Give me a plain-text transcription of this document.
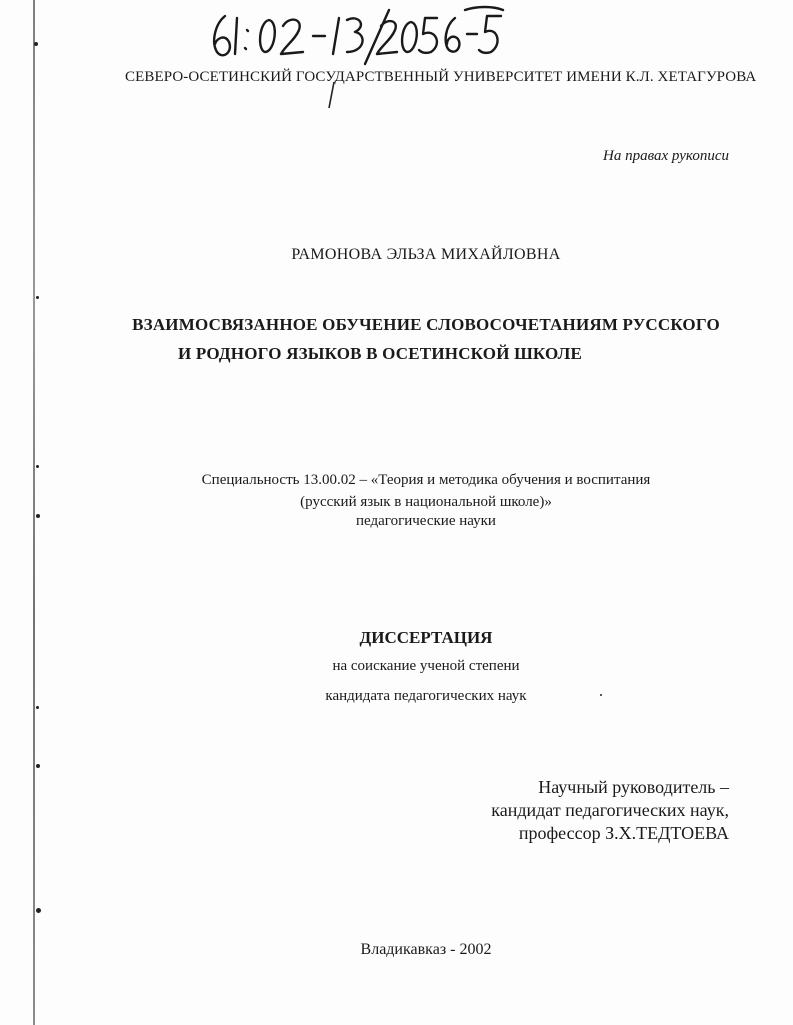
СЕВЕРО-ОСЕТИНСКИЙ ГОСУДАРСТВЕННЫЙ УНИВЕРСИТЕТ ИМЕНИ К.Л. ХЕТАГУРОВА
На правах рукописи
РАМОНОВА ЭЛЬЗА МИХАЙЛОВНА
ВЗАИМОСВЯЗАННОЕ ОБУЧЕНИЕ СЛОВОСОЧЕТАНИЯМ РУССКОГО
И РОДНОГО ЯЗЫКОВ В ОСЕТИНСКОЙ ШКОЛЕ
Специальность 13.00.02 – «Теория и методика обучения и воспитания
(русский язык в национальной школе)»
педагогические науки
ДИССЕРТАЦИЯ
на соискание ученой степени
кандидата педагогических наук
Научный руководитель –
кандидат педагогических наук,
профессор З.Х.ТЕДТОЕВА
Владикавказ - 2002
